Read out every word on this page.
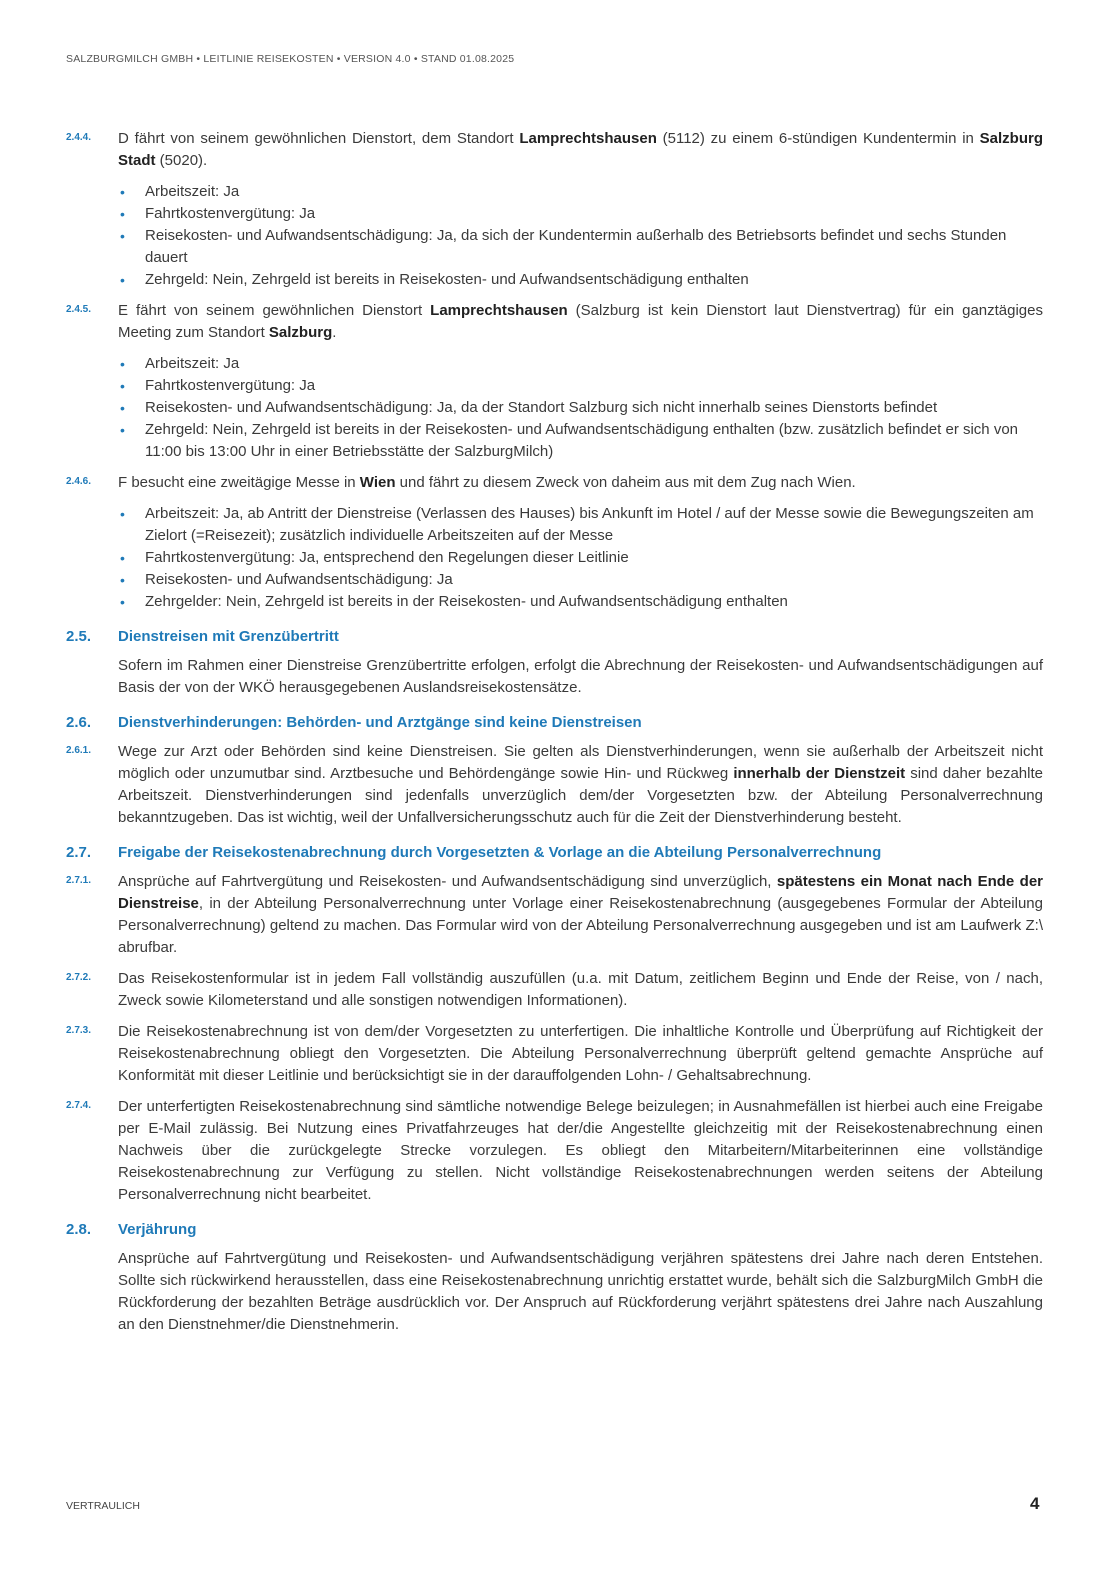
SALZBURGMILCH GMBH • LEITLINIE REISEKOSTEN • VERSION 4.0 • STAND 01.08.2025
2.4.4.	D fährt von seinem gewöhnlichen Dienstort, dem Standort Lamprechtshausen (5112) zu einem 6-stündigen Kundentermin in Salzburg Stadt (5020).
• Arbeitszeit: Ja
• Fahrtkostenvergütung: Ja
• Reisekosten- und Aufwandsentschädigung: Ja, da sich der Kundentermin außerhalb des Betriebsorts befindet und sechs Stunden dauert
• Zehrgeld: Nein, Zehrgeld ist bereits in Reisekosten- und Aufwandsentschädigung enthalten
2.4.5.	E fährt von seinem gewöhnlichen Dienstort Lamprechtshausen (Salzburg ist kein Dienstort laut Dienstvertrag) für ein ganztägiges Meeting zum Standort Salzburg.
• Arbeitszeit: Ja
• Fahrtkostenvergütung: Ja
• Reisekosten- und Aufwandsentschädigung: Ja, da der Standort Salzburg sich nicht innerhalb seines Dienstorts befindet
• Zehrgeld: Nein, Zehrgeld ist bereits in der Reisekosten- und Aufwandsentschädigung enthalten (bzw. zusätzlich befindet er sich von 11:00 bis 13:00 Uhr in einer Betriebsstätte der SalzburgMilch)
2.4.6.	F besucht eine zweitägige Messe in Wien und fährt zu diesem Zweck von daheim aus mit dem Zug nach Wien.
• Arbeitszeit: Ja, ab Antritt der Dienstreise (Verlassen des Hauses) bis Ankunft im Hotel / auf der Messe sowie die Bewegungszeiten am Zielort (=Reisezeit); zusätzlich individuelle Arbeitszeiten auf der Messe
• Fahrtkostenvergütung: Ja, entsprechend den Regelungen dieser Leitlinie
• Reisekosten- und Aufwandsentschädigung: Ja
• Zehrgelder: Nein, Zehrgeld ist bereits in der Reisekosten- und Aufwandsentschädigung enthalten
2.5.	Dienstreisen mit Grenzübertritt
Sofern im Rahmen einer Dienstreise Grenzübertritte erfolgen, erfolgt die Abrechnung der Reisekosten- und Aufwandsentschädigungen auf Basis der von der WKÖ herausgegebenen Auslandsreisekostensätze.
2.6.	Dienstverhinderungen: Behörden- und Arztgänge sind keine Dienstreisen
2.6.1.	Wege zur Arzt oder Behörden sind keine Dienstreisen. Sie gelten als Dienstverhinderungen, wenn sie außerhalb der Arbeitszeit nicht möglich oder unzumutbar sind. Arztbesuche und Behördengänge sowie Hin- und Rückweg innerhalb der Dienstzeit sind daher bezahlte Arbeitszeit. Dienstverhinderungen sind jedenfalls unverzüglich dem/der Vorgesetzten bzw. der Abteilung Personalverrechnung bekanntzugeben. Das ist wichtig, weil der Unfallversicherungsschutz auch für die Zeit der Dienstverhinderung besteht.
2.7.	Freigabe der Reisekostenabrechnung durch Vorgesetzten & Vorlage an die Abteilung Personalverrechnung
2.7.1.	Ansprüche auf Fahrtvergütung und Reisekosten- und Aufwandsentschädigung sind unverzüglich, spätestens ein Monat nach Ende der Dienstreise, in der Abteilung Personalverrechnung unter Vorlage einer Reisekostenabrechnung (ausgegebenes Formular der Abteilung Personalverrechnung) geltend zu machen. Das Formular wird von der Abteilung Personalverrechnung ausgegeben und ist am Laufwerk Z:\ abrufbar.
2.7.2.	Das Reisekostenformular ist in jedem Fall vollständig auszufüllen (u.a. mit Datum, zeitlichem Beginn und Ende der Reise, von / nach, Zweck sowie Kilometerstand und alle sonstigen notwendigen Informationen).
2.7.3.	Die Reisekostenabrechnung ist von dem/der Vorgesetzten zu unterfertigen. Die inhaltliche Kontrolle und Überprüfung auf Richtigkeit der Reisekostenabrechnung obliegt den Vorgesetzten. Die Abteilung Personalverrechnung überprüft geltend gemachte Ansprüche auf Konformität mit dieser Leitlinie und berücksichtigt sie in der darauffolgenden Lohn- / Gehaltsabrechnung.
2.7.4.	Der unterfertigten Reisekostenabrechnung sind sämtliche notwendige Belege beizulegen; in Ausnahmefällen ist hierbei auch eine Freigabe per E-Mail zulässig. Bei Nutzung eines Privatfahrzeuges hat der/die Angestellte gleichzeitig mit der Reisekostenabrechnung einen Nachweis über die zurückgelegte Strecke vorzulegen. Es obliegt den Mitarbeitern/Mitarbeiterinnen eine vollständige Reisekostenabrechnung zur Verfügung zu stellen. Nicht vollständige Reisekostenabrechnungen werden seitens der Abteilung Personalverrechnung nicht bearbeitet.
2.8.	Verjährung
Ansprüche auf Fahrtvergütung und Reisekosten- und Aufwandsentschädigung verjähren spätestens drei Jahre nach deren Entstehen. Sollte sich rückwirkend herausstellen, dass eine Reisekostenabrechnung unrichtig erstattet wurde, behält sich die SalzburgMilch GmbH die Rückforderung der bezahlten Beträge ausdrücklich vor. Der Anspruch auf Rückforderung verjährt spätestens drei Jahre nach Auszahlung an den Dienstnehmer/die Dienstnehmerin.
VERTRAULICH	4
